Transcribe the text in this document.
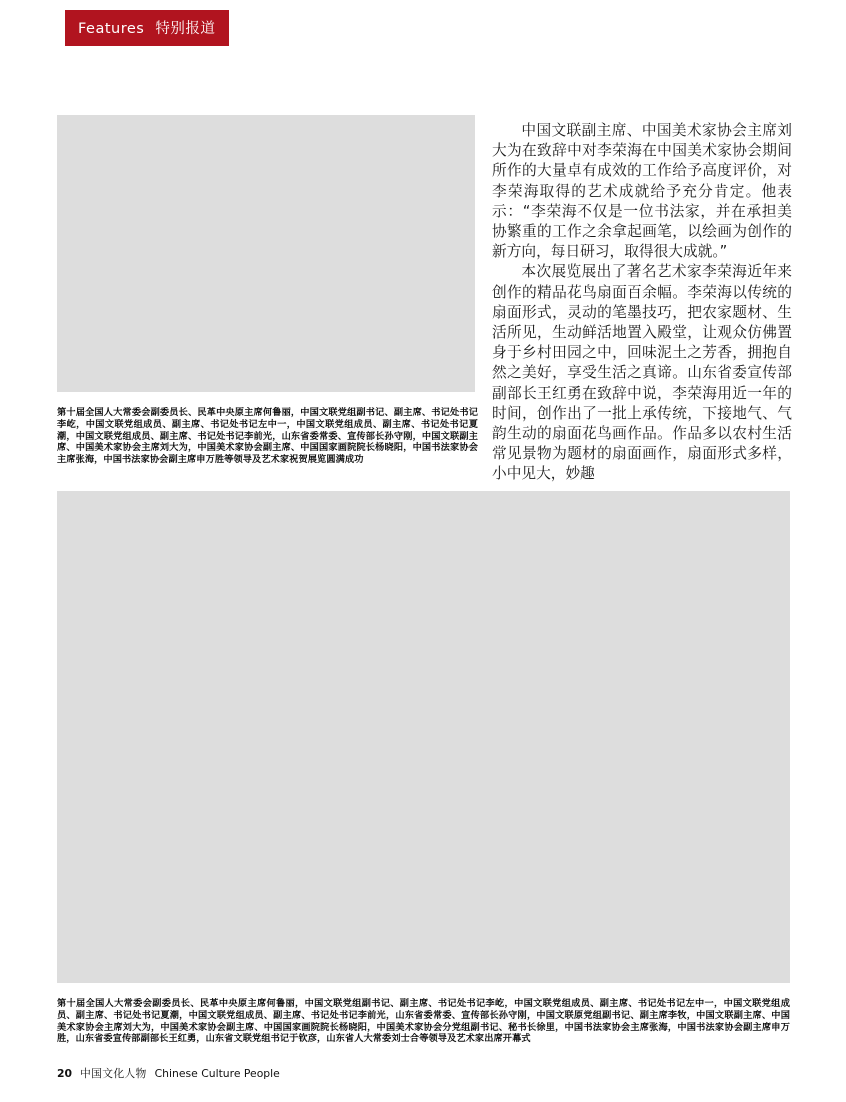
Features 特别报道

中国文联副主席、中国美术家协会主席刘大为在致辞中对李荣海在中国美术家协会期间所作的大量卓有成效的工作给予高度评价，对李荣海取得的艺术成就给予充分肯定。他表示：“李荣海不仅是一位书法家，并在承担美协繁重的工作之余拿起画笔，以绘画为创作的新方向，每日研习，取得很大成就。”

本次展览展出了著名艺术家李荣海近年来创作的精品花鸟扇面百余幅。李荣海以传统的扇面形式，灵动的笔墨技巧，把农家题材、生活所见，生动鲜活地置入殿堂，让观众仿佛置身于乡村田园之中，回味泥土之芳香，拥抱自然之美好，享受生活之真谛。山东省委宣传部副部长王红勇在致辞中说，李荣海用近一年的时间，创作出了一批上承传统，下接地气、气韵生动的扇面花鸟画作品。作品多以农村生活常见景物为题材的扇面画作，扇面形式多样，小中见大，妙趣

第十届全国人大常委会副委员长、民革中央原主席何鲁丽，中国文联党组副书记、副主席、书记处书记李屹，中国文联党组成员、副主席、书记处书记左中一，中国文联党组成员、副主席、书记处书记夏潮，中国文联党组成员、副主席、书记处书记李前光，山东省委常委、宣传部长孙守刚，中国文联副主席、中国美术家协会主席刘大为，中国美术家协会副主席、中国国家画院院长杨晓阳，中国书法家协会主席张海，中国书法家协会副主席申万胜等领导及艺术家祝贺展览圆满成功

第十届全国人大常委会副委员长、民革中央原主席何鲁丽，中国文联党组副书记、副主席、书记处书记李屹，中国文联党组成员、副主席、书记处书记左中一，中国文联党组成员、副主席、书记处书记夏潮，中国文联党组成员、副主席、书记处书记李前光，山东省委常委、宣传部长孙守刚，中国文联原党组副书记、副主席李牧，中国文联副主席、中国美术家协会主席刘大为，中国美术家协会副主席、中国国家画院院长杨晓阳，中国美术家协会分党组副书记、秘书长徐里，中国书法家协会主席张海，中国书法家协会副主席申万胜，山东省委宣传部副部长王红勇，山东省文联党组书记于钦彦，山东省人大常委刘士合等领导及艺术家出席开幕式

20 中国文化人物 Chinese Culture People
